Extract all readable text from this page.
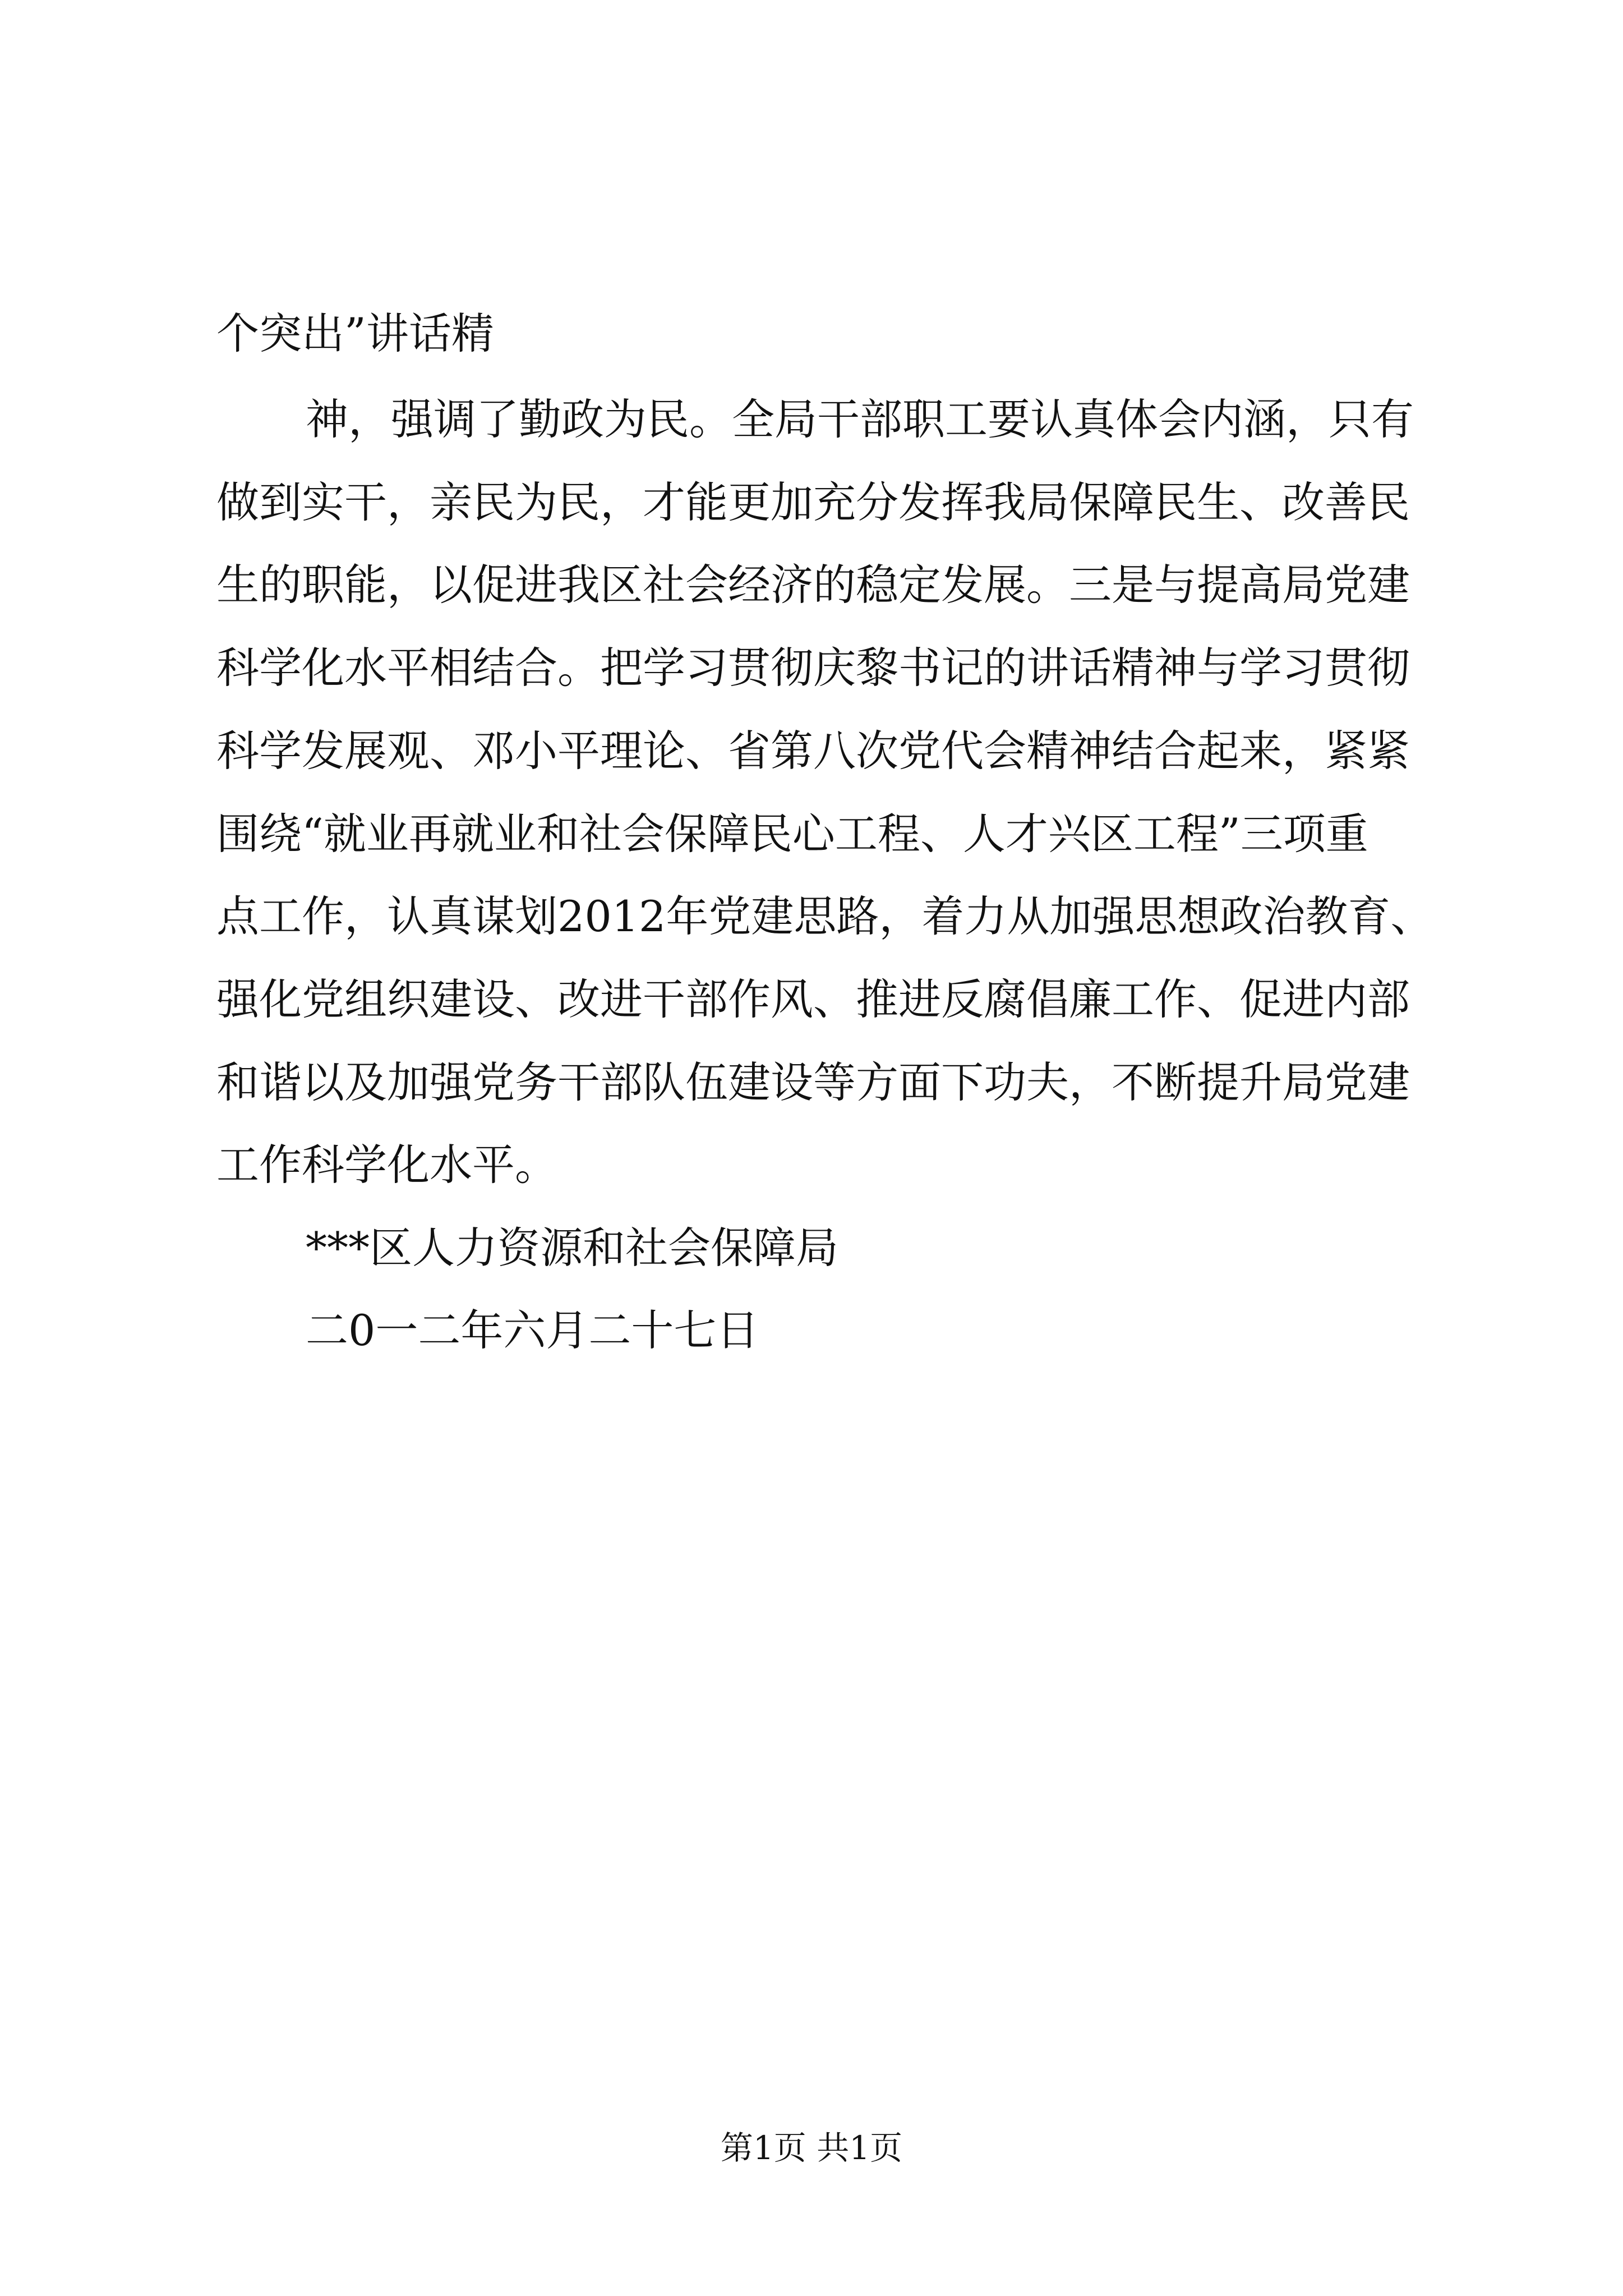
个突出”讲话精
神，强调了勤政为民。全局干部职工要认真体会内涵，只有
做到实干，亲民为民，才能更加充分发挥我局保障民生、改善民
生的职能，以促进我区社会经济的稳定发展。三是与提高局党建
科学化水平相结合。把学习贯彻庆黎书记的讲话精神与学习贯彻
科学发展观、邓小平理论、省第八次党代会精神结合起来，紧紧
围绕“就业再就业和社会保障民心工程、人才兴区工程”三项重
点工作，认真谋划2012年党建思路，着力从加强思想政治教育、
强化党组织建设、改进干部作风、推进反腐倡廉工作、促进内部
和谐以及加强党务干部队伍建设等方面下功夫，不断提升局党建
工作科学化水平。
***区人力资源和社会保障局
二0一二年六月二十七日
第1页 共1页
